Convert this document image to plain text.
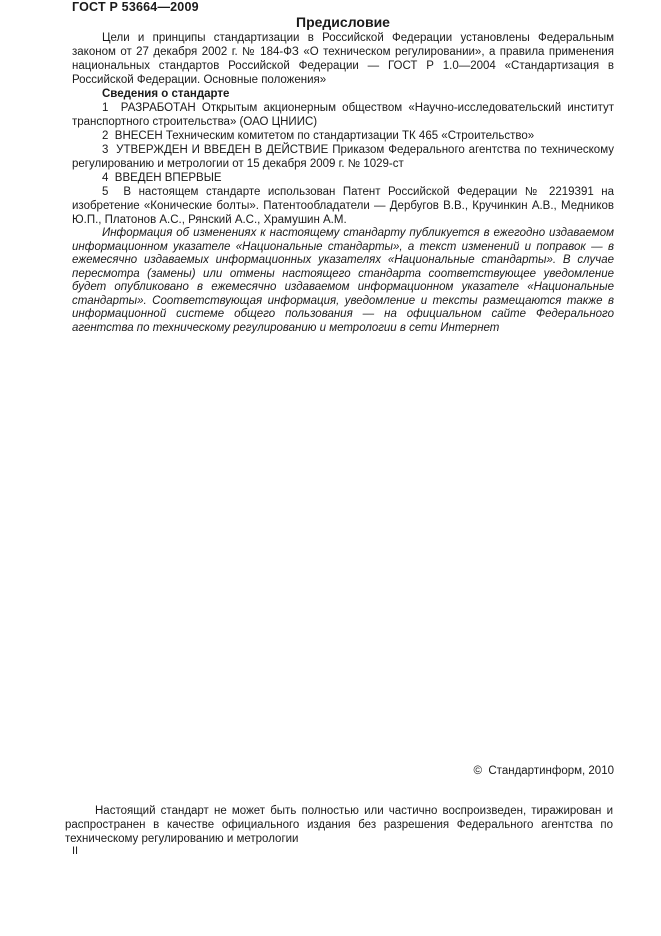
ГОСТ Р 53664—2009
Предисловие

Цели и принципы стандартизации в Российской Федерации установлены Федеральным законом от 27 декабря 2002 г. № 184-ФЗ «О техническом регулировании», а правила применения национальных стандартов Российской Федерации — ГОСТ Р 1.0—2004 «Стандартизация в Российской Федерации. Основные положения»

Сведения о стандарте

1  РАЗРАБОТАН Открытым акционерным обществом «Научно-исследовательский институт транспортного строительства» (ОАО ЦНИИС)

2  ВНЕСЕН Техническим комитетом по стандартизации ТК 465 «Строительство»

3  УТВЕРЖДЕН И ВВЕДЕН В ДЕЙСТВИЕ Приказом Федерального агентства по техническому регулированию и метрологии от 15 декабря 2009 г. № 1029-ст

4  ВВЕДЕН ВПЕРВЫЕ

5  В настоящем стандарте использован Патент Российской Федерации № 2219391 на изобретение «Конические болты». Патентообладатели — Дербугов В.В., Кручинкин А.В., Медников Ю.П., Платонов А.С., Рянский А.С., Храмушин А.М.

Информация об изменениях к настоящему стандарту публикуется в ежегодно издаваемом информационном указателе «Национальные стандарты», а текст изменений и поправок — в ежемесячно издаваемых информационных указателях «Национальные стандарты». В случае пересмотра (замены) или отмены настоящего стандарта соответствующее уведомление будет опубликовано в ежемесячно издаваемом информационном указателе «Национальные стандарты». Соответствующая информация, уведомление и тексты размещаются также в информационной системе общего пользования — на официальном сайте Федерального агентства по техническому регулированию и метрологии в сети Интернет

©  Стандартинформ, 2010

Настоящий стандарт не может быть полностью или частично воспроизведен, тиражирован и распространен в качестве официального издания без разрешения Федерального агентства по техническому регулированию и метрологии

II
